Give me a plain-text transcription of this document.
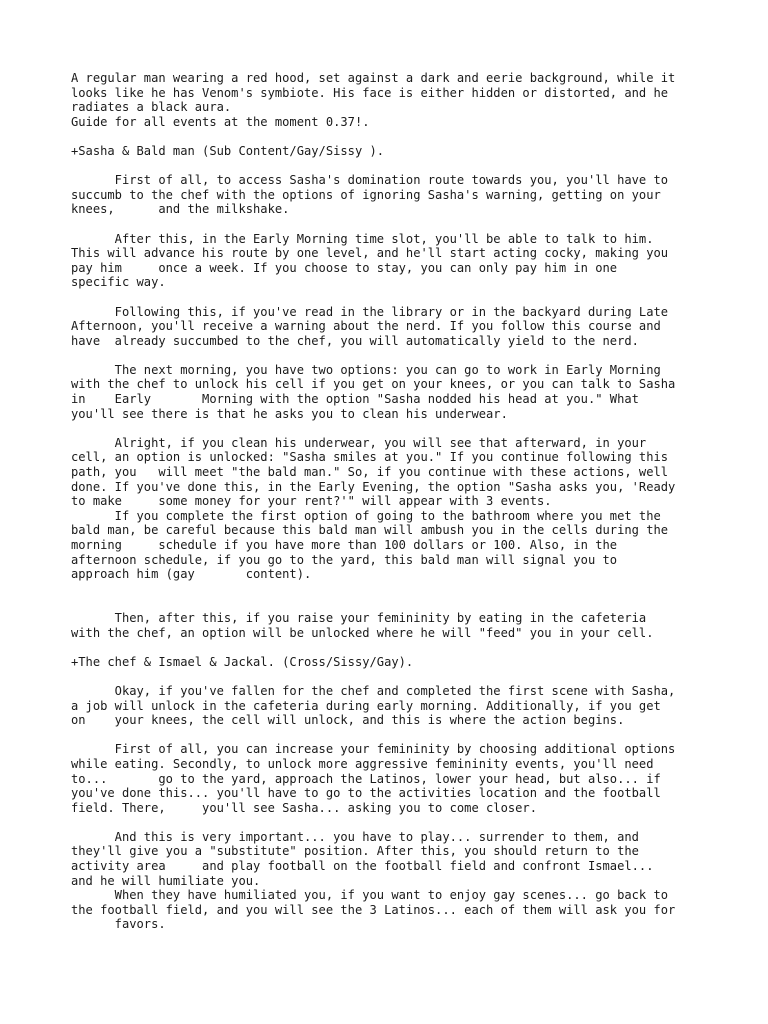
A regular man wearing a red hood, set against a dark and eerie background, while it
looks like he has Venom's symbiote. His face is either hidden or distorted, and he
radiates a black aura.
Guide for all events at the moment 0.37!.
+Sasha & Bald man (Sub Content/Gay/Sissy ).
First of all, to access Sasha's domination route towards you, you'll have to
succumb to the chef with the options of ignoring Sasha's warning, getting on your
knees,      and the milkshake.
After this, in the Early Morning time slot, you'll be able to talk to him.
This will advance his route by one level, and he'll start acting cocky, making you
pay him     once a week. If you choose to stay, you can only pay him in one
specific way.
Following this, if you've read in the library or in the backyard during Late
Afternoon, you'll receive a warning about the nerd. If you follow this course and
have  already succumbed to the chef, you will automatically yield to the nerd.
The next morning, you have two options: you can go to work in Early Morning
with the chef to unlock his cell if you get on your knees, or you can talk to Sasha
in    Early       Morning with the option "Sasha nodded his head at you." What
you'll see there is that he asks you to clean his underwear.
Alright, if you clean his underwear, you will see that afterward, in your
cell, an option is unlocked: "Sasha smiles at you." If you continue following this
path, you   will meet "the bald man." So, if you continue with these actions, well
done. If you've done this, in the Early Evening, the option "Sasha asks you, 'Ready
to make     some money for your rent?'" will appear with 3 events.
If you complete the first option of going to the bathroom where you met the
bald man, be careful because this bald man will ambush you in the cells during the
morning     schedule if you have more than 100 dollars or 100. Also, in the
afternoon schedule, if you go to the yard, this bald man will signal you to
approach him (gay       content).
Then, after this, if you raise your femininity by eating in the cafeteria
with the chef, an option will be unlocked where he will "feed" you in your cell.
+The chef & Ismael & Jackal. (Cross/Sissy/Gay).
Okay, if you've fallen for the chef and completed the first scene with Sasha,
a job will unlock in the cafeteria during early morning. Additionally, if you get
on    your knees, the cell will unlock, and this is where the action begins.
First of all, you can increase your femininity by choosing additional options
while eating. Secondly, to unlock more aggressive femininity events, you'll need
to...       go to the yard, approach the Latinos, lower your head, but also... if
you've done this... you'll have to go to the activities location and the football
field. There,     you'll see Sasha... asking you to come closer.
And this is very important... you have to play... surrender to them, and
they'll give you a "substitute" position. After this, you should return to the
activity area     and play football on the football field and confront Ismael...
and he will humiliate you.
When they have humiliated you, if you want to enjoy gay scenes... go back to
the football field, and you will see the 3 Latinos... each of them will ask you for
favors.
